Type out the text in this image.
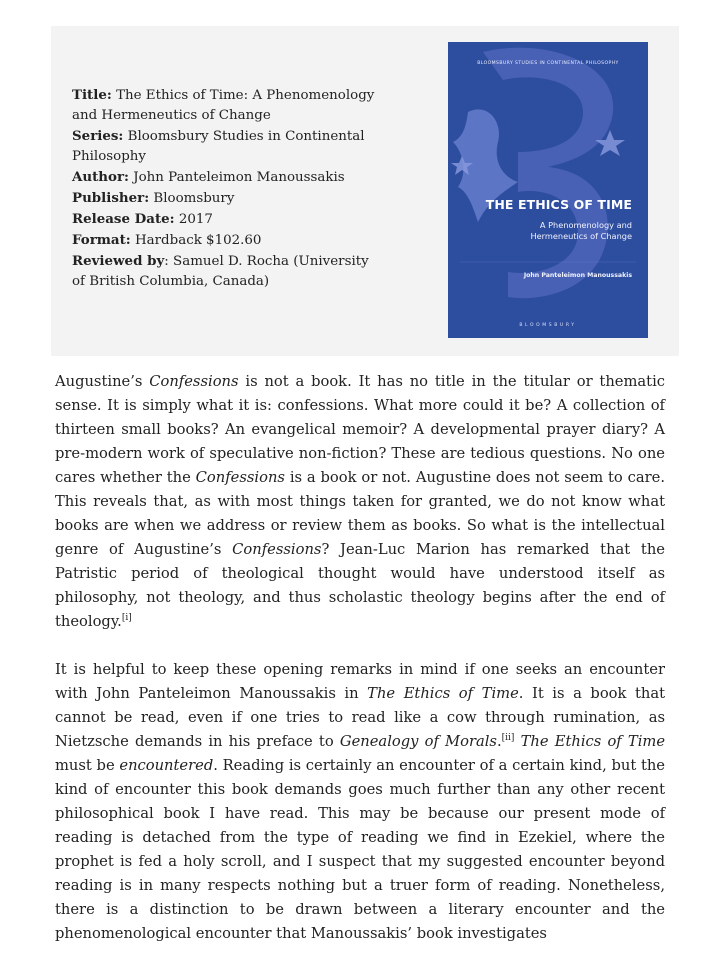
Title: The Ethics of Time: A Phenomenology and Hermeneutics of Change
Series: Bloomsbury Studies in Continental Philosophy
Author: John Panteleimon Manoussakis
Publisher: Bloomsbury
Release Date: 2017
Format: Hardback $102.60
Reviewed by: Samuel D. Rocha (University of British Columbia, Canada)
BLOOMSBURY STUDIES IN CONTINENTAL PHILOSOPHY
THE ETHICS OF TIME
A Phenomenology and
Hermeneutics of Change
John Panteleimon Manoussakis
BLOOMSBURY

Augustine’s Confessions is not a book. It has no title in the titular or thematic sense. It is simply what it is: confessions. What more could it be? A collection of thirteen small books? An evangelical memoir? A developmental prayer diary? A pre-modern work of speculative non-fiction? These are tedious questions. No one cares whether the Confessions is a book or not. Augustine does not seem to care. This reveals that, as with most things taken for granted, we do not know what books are when we address or review them as books. So what is the intellectual genre of Augustine’s Confessions? Jean-Luc Marion has remarked that the Patristic period of theological thought would have understood itself as philosophy, not theology, and thus scholastic theology begins after the end of theology.[i]

It is helpful to keep these opening remarks in mind if one seeks an encounter with John Panteleimon Manoussakis in The Ethics of Time. It is a book that cannot be read, even if one tries to read like a cow through rumination, as Nietzsche demands in his preface to Genealogy of Morals.[ii] The Ethics of Time must be encountered. Reading is certainly an encounter of a certain kind, but the kind of encounter this book demands goes much further than any other recent philosophical book I have read. This may be because our present mode of reading is detached from the type of reading we find in Ezekiel, where the prophet is fed a holy scroll, and I suspect that my suggested encounter beyond reading is in many respects nothing but a truer form of reading. Nonetheless, there is a distinction to be drawn between a literary encounter and the phenomenological encounter that Manoussakis’ book investigates
